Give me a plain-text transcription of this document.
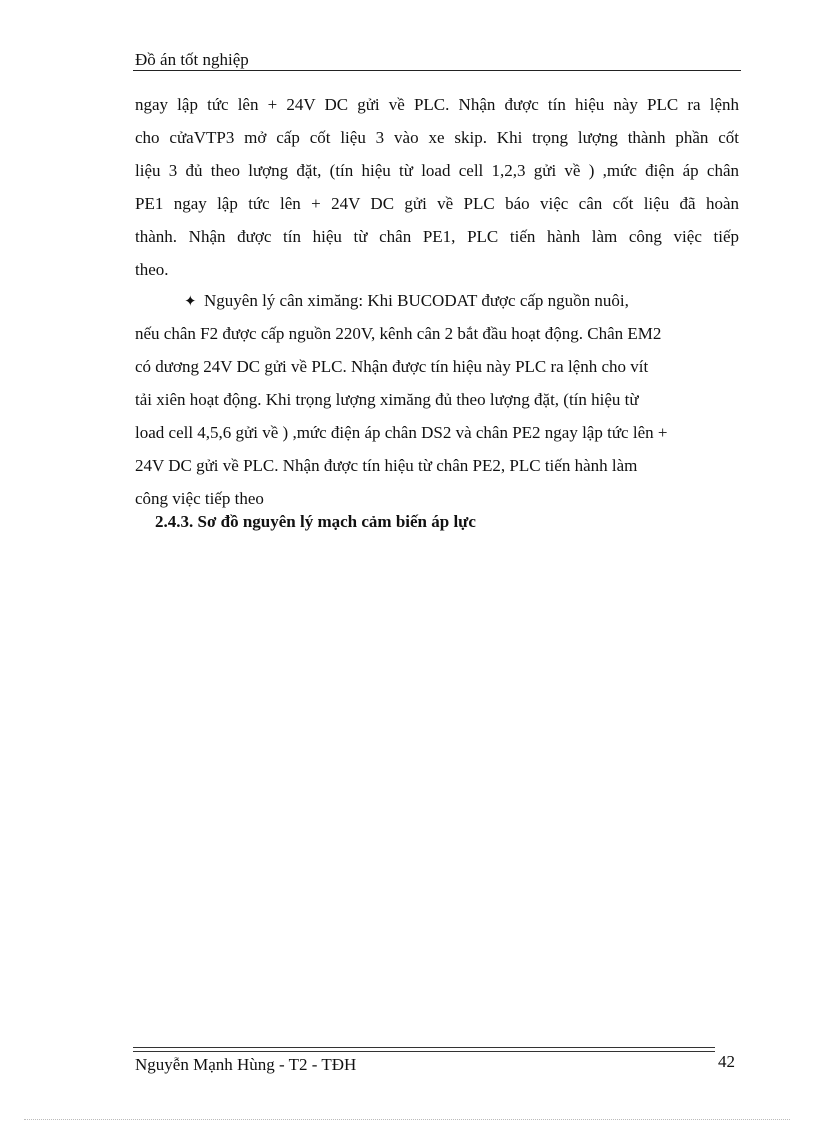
Đồ án tốt nghiệp
ngay lập tức lên + 24V DC gửi về PLC. Nhận được tín hiệu này PLC ra lệnh
cho cửaVTP3 mở cấp cốt liệu 3 vào xe skip. Khi trọng lượng thành phần cốt
liệu 3 đủ theo lượng đặt, (tín hiệu từ load cell 1,2,3 gửi về ) ,mức điện áp chân
PE1 ngay lập tức lên + 24V DC gửi về PLC báo việc cân cốt liệu đã hoàn
thành. Nhận được tín hiệu từ chân PE1, PLC tiến hành làm công việc tiếp
theo.
✦ Nguyên lý cân ximăng: Khi BUCODAT được cấp nguồn nuôi,
nếu chân F2 được cấp nguồn 220V, kênh cân 2 bắt đầu hoạt động. Chân EM2
có dương 24V DC gửi về PLC. Nhận được tín hiệu này PLC ra lệnh cho vít
tải xiên hoạt động. Khi trọng lượng ximăng đủ theo lượng đặt, (tín hiệu từ
load cell 4,5,6 gửi về ) ,mức điện áp chân DS2 và chân PE2 ngay lập tức lên +
24V DC gửi về PLC. Nhận được tín hiệu từ chân PE2, PLC tiến hành làm
công việc tiếp theo
2.4.3. Sơ đồ nguyên lý mạch cảm biến áp lực
Nguyễn Mạnh Hùng - T2 - TĐH	42
